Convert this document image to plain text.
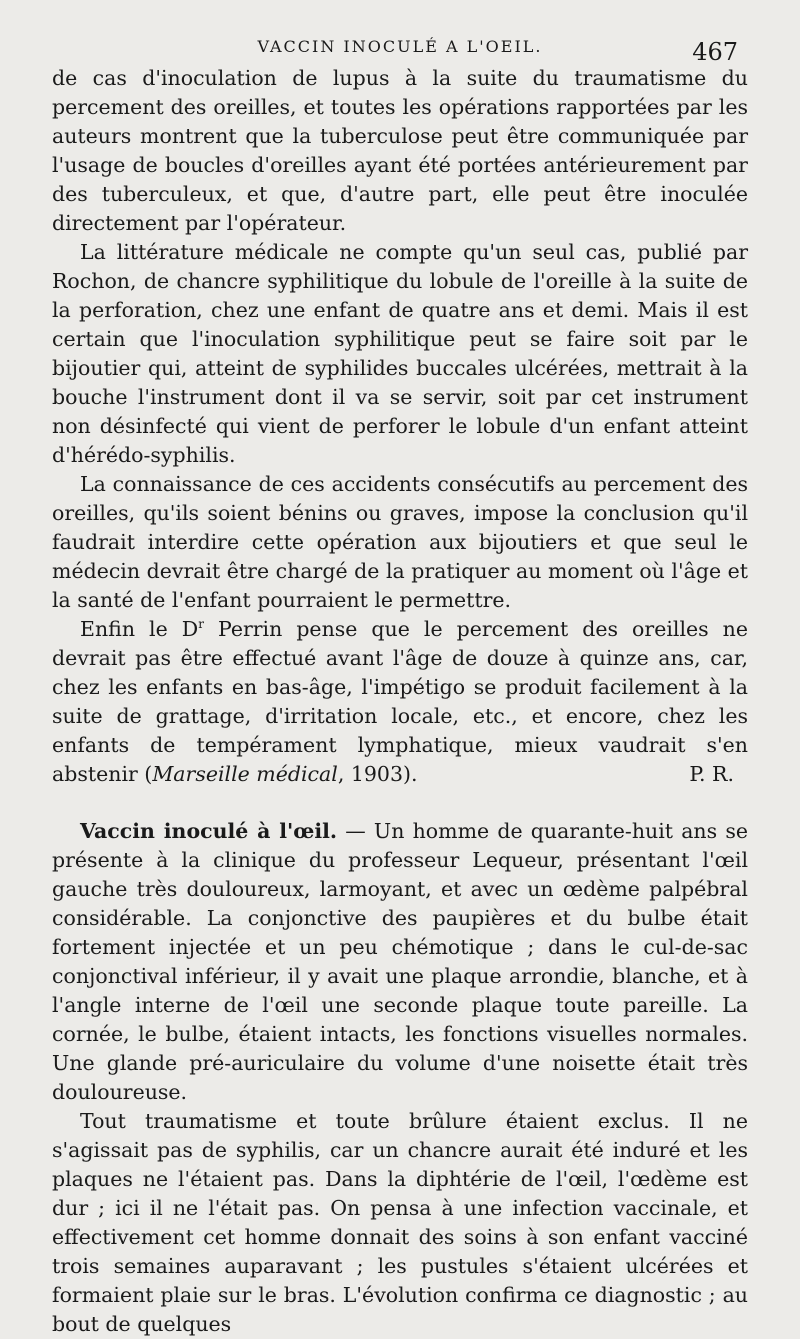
VACCIN INOCULÉ A L'OEIL.	467

de cas d'inoculation de lupus à la suite du traumatisme du percement des oreilles, et toutes les opérations rapportées par les auteurs montrent que la tuberculose peut être communiquée par l'usage de boucles d'oreilles ayant été portées antérieurement par des tuberculeux, et que, d'autre part, elle peut être inoculée directement par l'opérateur.

La littérature médicale ne compte qu'un seul cas, publié par Rochon, de chancre syphilitique du lobule de l'oreille à la suite de la perforation, chez une enfant de quatre ans et demi. Mais il est certain que l'inoculation syphilitique peut se faire soit par le bijoutier qui, atteint de syphilides buccales ulcérées, mettrait à la bouche l'instrument dont il va se servir, soit par cet instrument non désinfecté qui vient de perforer le lobule d'un enfant atteint d'hérédo-syphilis.

La connaissance de ces accidents consécutifs au percement des oreilles, qu'ils soient bénins ou graves, impose la conclusion qu'il faudrait interdire cette opération aux bijoutiers et que seul le médecin devrait être chargé de la pratiquer au moment où l'âge et la santé de l'enfant pourraient le permettre.

Enfin le $D^r$ Perrin pense que le percement des oreilles ne devrait pas être effectué avant l'âge de douze à quinze ans, car, chez les enfants en bas-âge, l'impétigo se produit facilement à la suite de grattage, d'irritation locale, etc., et encore, chez les enfants de tempérament lymphatique, mieux vaudrait s'en abstenir (Marseille médical, 1903).	P. R.

Vaccin inoculé à l'œil. — Un homme de quarante-huit ans se présente à la clinique du professeur Lequeur, présentant l'œil gauche très douloureux, larmoyant, et avec un œdème palpébral considérable. La conjonctive des paupières et du bulbe était fortement injectée et un peu chémotique ; dans le cul-de-sac conjonctival inférieur, il y avait une plaque arrondie, blanche, et à l'angle interne de l'œil une seconde plaque toute pareille. La cornée, le bulbe, étaient intacts, les fonctions visuelles normales. Une glande pré-auriculaire du volume d'une noisette était très douloureuse.

Tout traumatisme et toute brûlure étaient exclus. Il ne s'agissait pas de syphilis, car un chancre aurait été induré et les plaques ne l'étaient pas. Dans la diphtérie de l'œil, l'œdème est dur ; ici il ne l'était pas. On pensa à une infection vaccinale, et effectivement cet homme donnait des soins à son enfant vacciné trois semaines auparavant ; les pustules s'étaient ulcérées et formaient plaie sur le bras. L'évolution confirma ce diagnostic ; au bout de quelques
